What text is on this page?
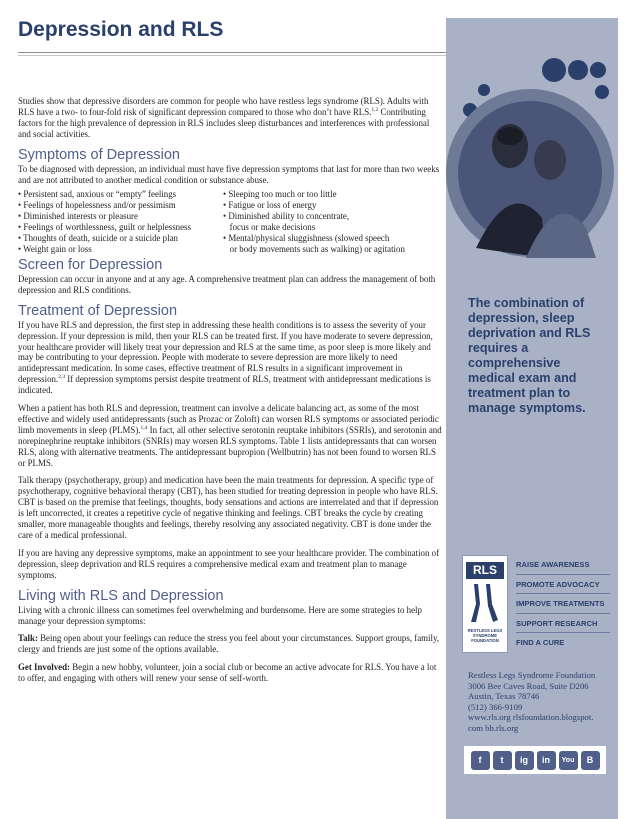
Depression and RLS

Studies show that depressive disorders are common for people who have restless legs syndrome (RLS). Adults with RLS have a two- to four-fold risk of significant depression compared to those who don’t have RLS.$^{1,2}$ Contributing factors for the high prevalence of depression in RLS includes sleep disturbances and interferences with professional and social activities.

Symptoms of Depression

To be diagnosed with depression, an individual must have five depression symptoms that last for more than two weeks and are not attributed to another medical condition or substance abuse.

• Persistent sad, anxious or “empty” feelings
• Feelings of hopelessness and/or pessimism
• Diminished interests or pleasure
• Feelings of worthlessness, guilt or helplessness
• Thoughts of death, suicide or a suicide plan
• Weight gain or loss
• Sleeping too much or too little
• Fatigue or loss of energy
• Diminished ability to concentrate,
focus or make decisions
• Mental/physical sluggishness (slowed speech
or body movements such as walking) or agitation
Screen for Depression

Depression can occur in anyone and at any age. A comprehensive treatment plan can address the management of both depression and RLS conditions.

Treatment of Depression

If you have RLS and depression, the first step in addressing these health conditions is to assess the severity of your depression. If your depression is mild, then your RLS can be treated first. If you have moderate to severe depression, your healthcare provider will likely treat your depression and RLS at the same time, as poor sleep is more likely and may be contributing to your depression. People with moderate to severe depression are more likely to need antidepressant medication. In some cases, effective treatment of RLS results in a significant improvement in depression.$^{2,3}$ If depression symptoms persist despite treatment of RLS, treatment with antidepressant medications is indicated.

When a patient has both RLS and depression, treatment can involve a delicate balancing act, as some of the most effective and widely used antidepressants (such as Prozac or Zoloft) can worsen RLS symptoms or associated periodic limb movements in sleep (PLMS).$^{1,4}$ In fact, all other selective serotonin reuptake inhibitors (SSRIs), and serotonin and norepinephrine reuptake inhibitors (SNRIs) may worsen RLS symptoms. Table 1 lists antidepressants that can worsen RLS, along with alternative treatments. The antidepressant bupropion (Wellbutrin) has not been found to worsen RLS or PLMS.

Talk therapy (psychotherapy, group) and medication have been the main treatments for depression. A specific type of psychotherapy, cognitive behavioral therapy (CBT), has been studied for treating depression in people who have RLS. CBT is based on the premise that feelings, thoughts, body sensations and actions are interrelated and that if depression is left uncorrected, it creates a repetitive cycle of negative thinking and feelings. CBT breaks the cycle by creating smaller, more manageable thoughts and feelings, thereby resolving any associated negativity. CBT is done under the care of a medical professional.

If you are having any depressive symptoms, make an appointment to see your healthcare provider. The combination of depression, sleep deprivation and RLS requires a comprehensive medical exam and treatment plan to manage symptoms.

Living with RLS and Depression

Living with a chronic illness can sometimes feel overwhelming and burdensome. Here are some strategies to help manage your depression symptoms:

Talk: Being open about your feelings can reduce the stress you feel about your circumstances. Support groups, family, clergy and friends are just some of the options available.

Get Involved: Begin a new hobby, volunteer, join a social club or become an active advocate for RLS. You have a lot to offer, and engaging with others will renew your sense of self-worth.

The combination of depression, sleep deprivation and RLS requires a comprehensive medical exam and treatment plan to manage symptoms.
RLS
RESTLESS LEGS SYNDROME FOUNDATION
RAISE AWARENESS
PROMOTE ADVOCACY
IMPROVE TREATMENTS
SUPPORT RESEARCH
FIND A CURE
Restless Legs Syndrome Foundation
3006 Bee Caves Road, Suite D206
Austin, Texas 78746
(512) 366-9109
www.rls.org rlsfoundation.blogspot.
com bb.rls.org
f	t	ig	in	You	B
